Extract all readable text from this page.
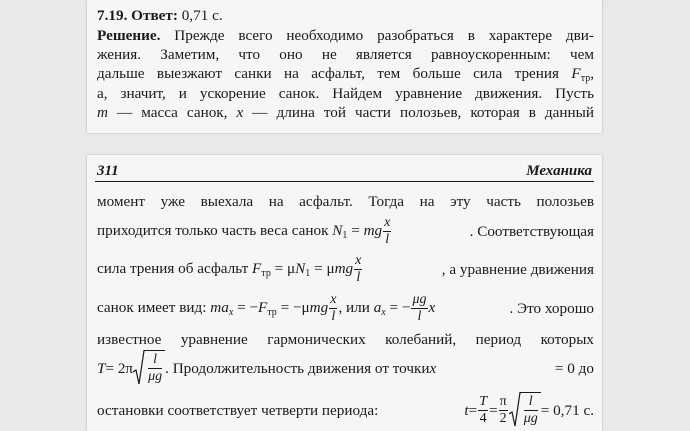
7.19. Ответ: 0,71 с.
Решение. Прежде всего необходимо разобраться в характере дви-
жения. Заметим, что оно не является равноускоренным: чем
дальше выезжают санки на асфальт, тем больше сила трения $F_{тр}$,
а, значит, и ускорение санок. Найдем уравнение движения. Пусть
m — масса санок, x — длина той части полозьев, которая в данный
311	Механика
момент уже выехала на асфальт. Тогда на эту часть полозьев
приходится только часть веса санок $N_1$ = mg $\frac{x}{l}$	. Соответствующая
сила трения об асфальт $F_{тр} = \mu N_1 = \mu mg \frac{x}{l}$	, а уравнение движения
санок имеет вид: $ma_x = -F_{тр} = -\mu mg \frac{x}{l}$ , или $a_x$ = − $\frac{\mu g}{l}$ x	. Это хорошо
известное уравнение гармонических колебаний, период которых
$T = 2\pi \frac{l}{\mu g}$ . Продолжительность движения от точки x	= 0 до
остановки соответствует четверти периода:	$t = \frac{T}{4} = \frac{\pi}{2} \frac{l}{\mu g} = 0,71$ с.
